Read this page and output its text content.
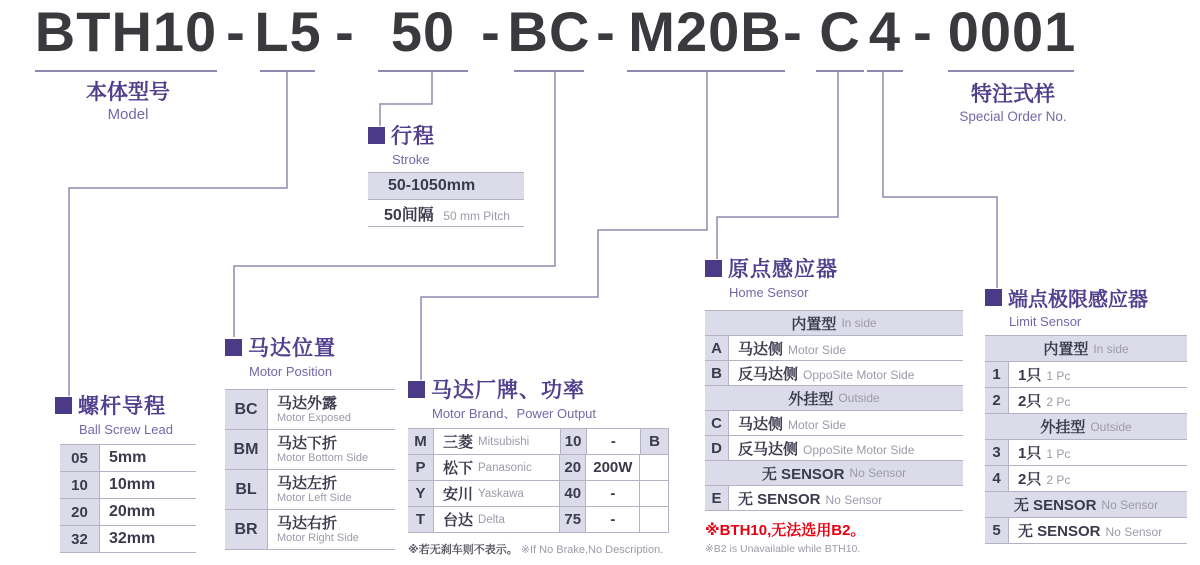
BTH10 - L5 - 50 - BC - M20B - C 4 - 0001
本体型号
Model
特注式样
Special Order No.
行程
Stroke
50-1050mm
50间隔 50 mm Pitch
螺杆导程
Ball Screw Lead
05	5mm
10	10mm
20	20mm
32	32mm
马达位置
Motor Position
BC	马达外露
Motor Exposed
BM	马达下折
Motor Bottom Side
BL	马达左折
Motor Left Side
BR	马达右折
Motor Right Side
马达厂牌、功率
Motor Brand、Power Output
M	三菱 Mitsubishi 10	-	B
P	松下 Panasonic 20 200W
Y	安川 Yaskawa	40	-
T	台达 Delta	75	-
※若无刹车则不表示。 ※If No Brake,No Description.
原点感应器
Home Sensor
内置型 In side
A	马达侧 Motor Side
B	反马达侧 OppoSite Motor Side
外挂型 Outside
C	马达侧 Motor Side
D	反马达侧 OppoSite Motor Side
无 SENSOR No Sensor
E	无 SENSOR No Sensor
※BTH10,无法选用B2。
※B2 is Unavailable while BTH10.
端点极限感应器
Limit Sensor
内置型 In side
1	1只 1 Pc
2	2只 2 Pc
外挂型 Outside
3	1只 1 Pc
4	2只 2 Pc
无 SENSOR No Sensor
5	无 SENSOR No Sensor
